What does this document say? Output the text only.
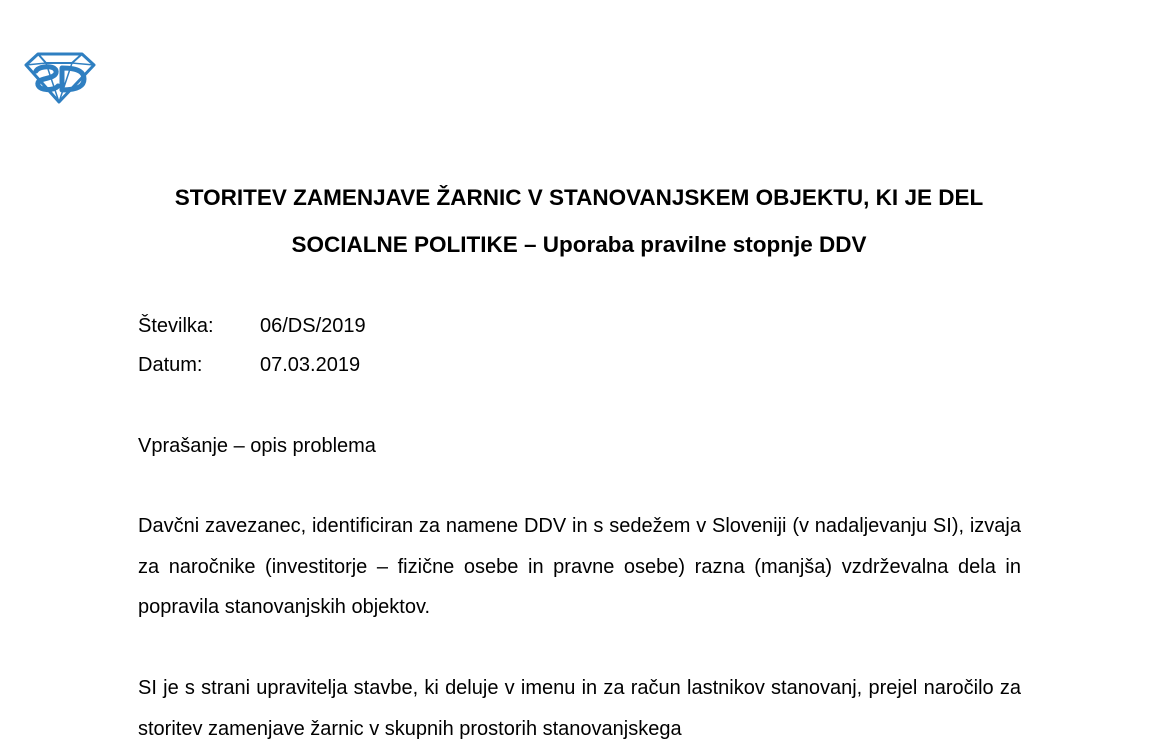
STORITEV ZAMENJAVE ŽARNIC V STANOVANJSKEM OBJEKTU, KI JE DEL SOCIALNE POLITIKE – Uporaba pravilne stopnje DDV
Številka: 06/DS/2019
Datum:	07.03.2019
Vprašanje – opis problema

Davčni zavezanec, identificiran za namene DDV in s sedežem v Sloveniji (v nadaljevanju SI), izvaja za naročnike (investitorje – fizične osebe in pravne osebe) razna (manjša) vzdrževalna dela in popravila stanovanjskih objektov.

SI je s strani upravitelja stavbe, ki deluje v imenu in za račun lastnikov stanovanj, prejel naročilo za storitev zamenjave žarnic v skupnih prostorih stanovanjskega
